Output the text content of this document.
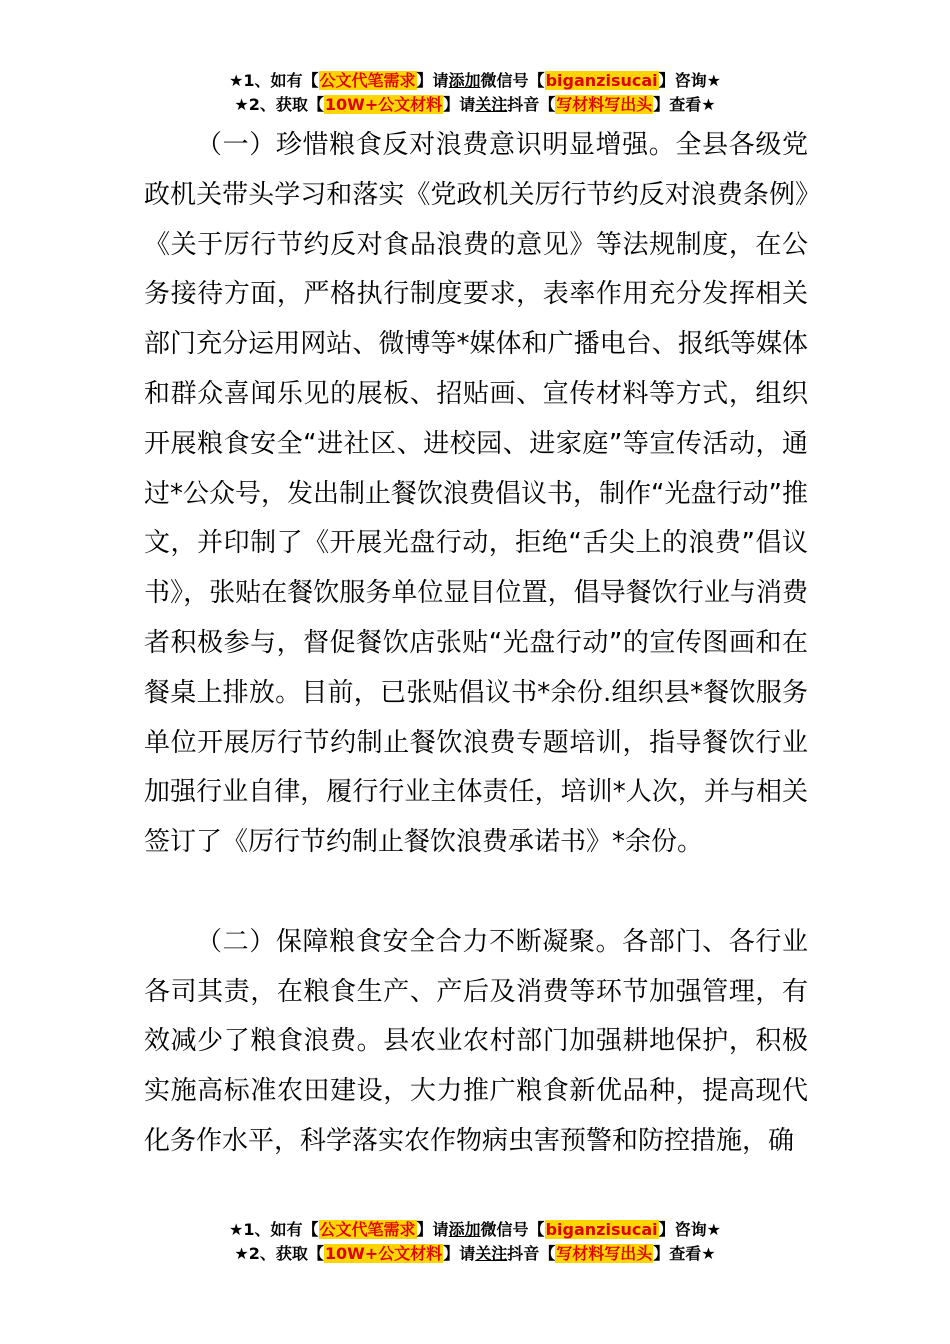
★1、如有【公文代笔需求】请添加微信号【biganzisucai】咨询★
★2、获取【10W+公文材料】请关注抖音【写材料写出头】查看★

（一）珍惜粮食反对浪费意识明显增强。全县各级党政机关带头学习和落实《党政机关厉行节约反对浪费条例》《关于厉行节约反对食品浪费的意见》等法规制度，在公务接待方面，严格执行制度要求，表率作用充分发挥相关部门充分运用网站、微博等*媒体和广播电台、报纸等媒体和群众喜闻乐见的展板、招贴画、宣传材料等方式，组织开展粮食安全“进社区、进校园、进家庭”等宣传活动，通过*公众号，发出制止餐饮浪费倡议书，制作“光盘行动”推文，并印制了《开展光盘行动，拒绝“舌尖上的浪费”倡议书》，张贴在餐饮服务单位显目位置，倡导餐饮行业与消费者积极参与，督促餐饮店张贴“光盘行动”的宣传图画和在餐桌上排放。目前，已张贴倡议书*余份.组织县*餐饮服务单位开展厉行节约制止餐饮浪费专题培训，指导餐饮行业加强行业自律，履行行业主体责任，培训*人次，并与相关签订了《厉行节约制止餐饮浪费承诺书》*余份。

（二）保障粮食安全合力不断凝聚。各部门、各行业各司其责，在粮食生产、产后及消费等环节加强管理，有效减少了粮食浪费。县农业农村部门加强耕地保护，积极实施高标准农田建设，大力推广粮食新优品种，提高现代化务作水平，科学落实农作物病虫害预警和防控措施，确

★1、如有【公文代笔需求】请添加微信号【biganzisucai】咨询★
★2、获取【10W+公文材料】请关注抖音【写材料写出头】查看★
